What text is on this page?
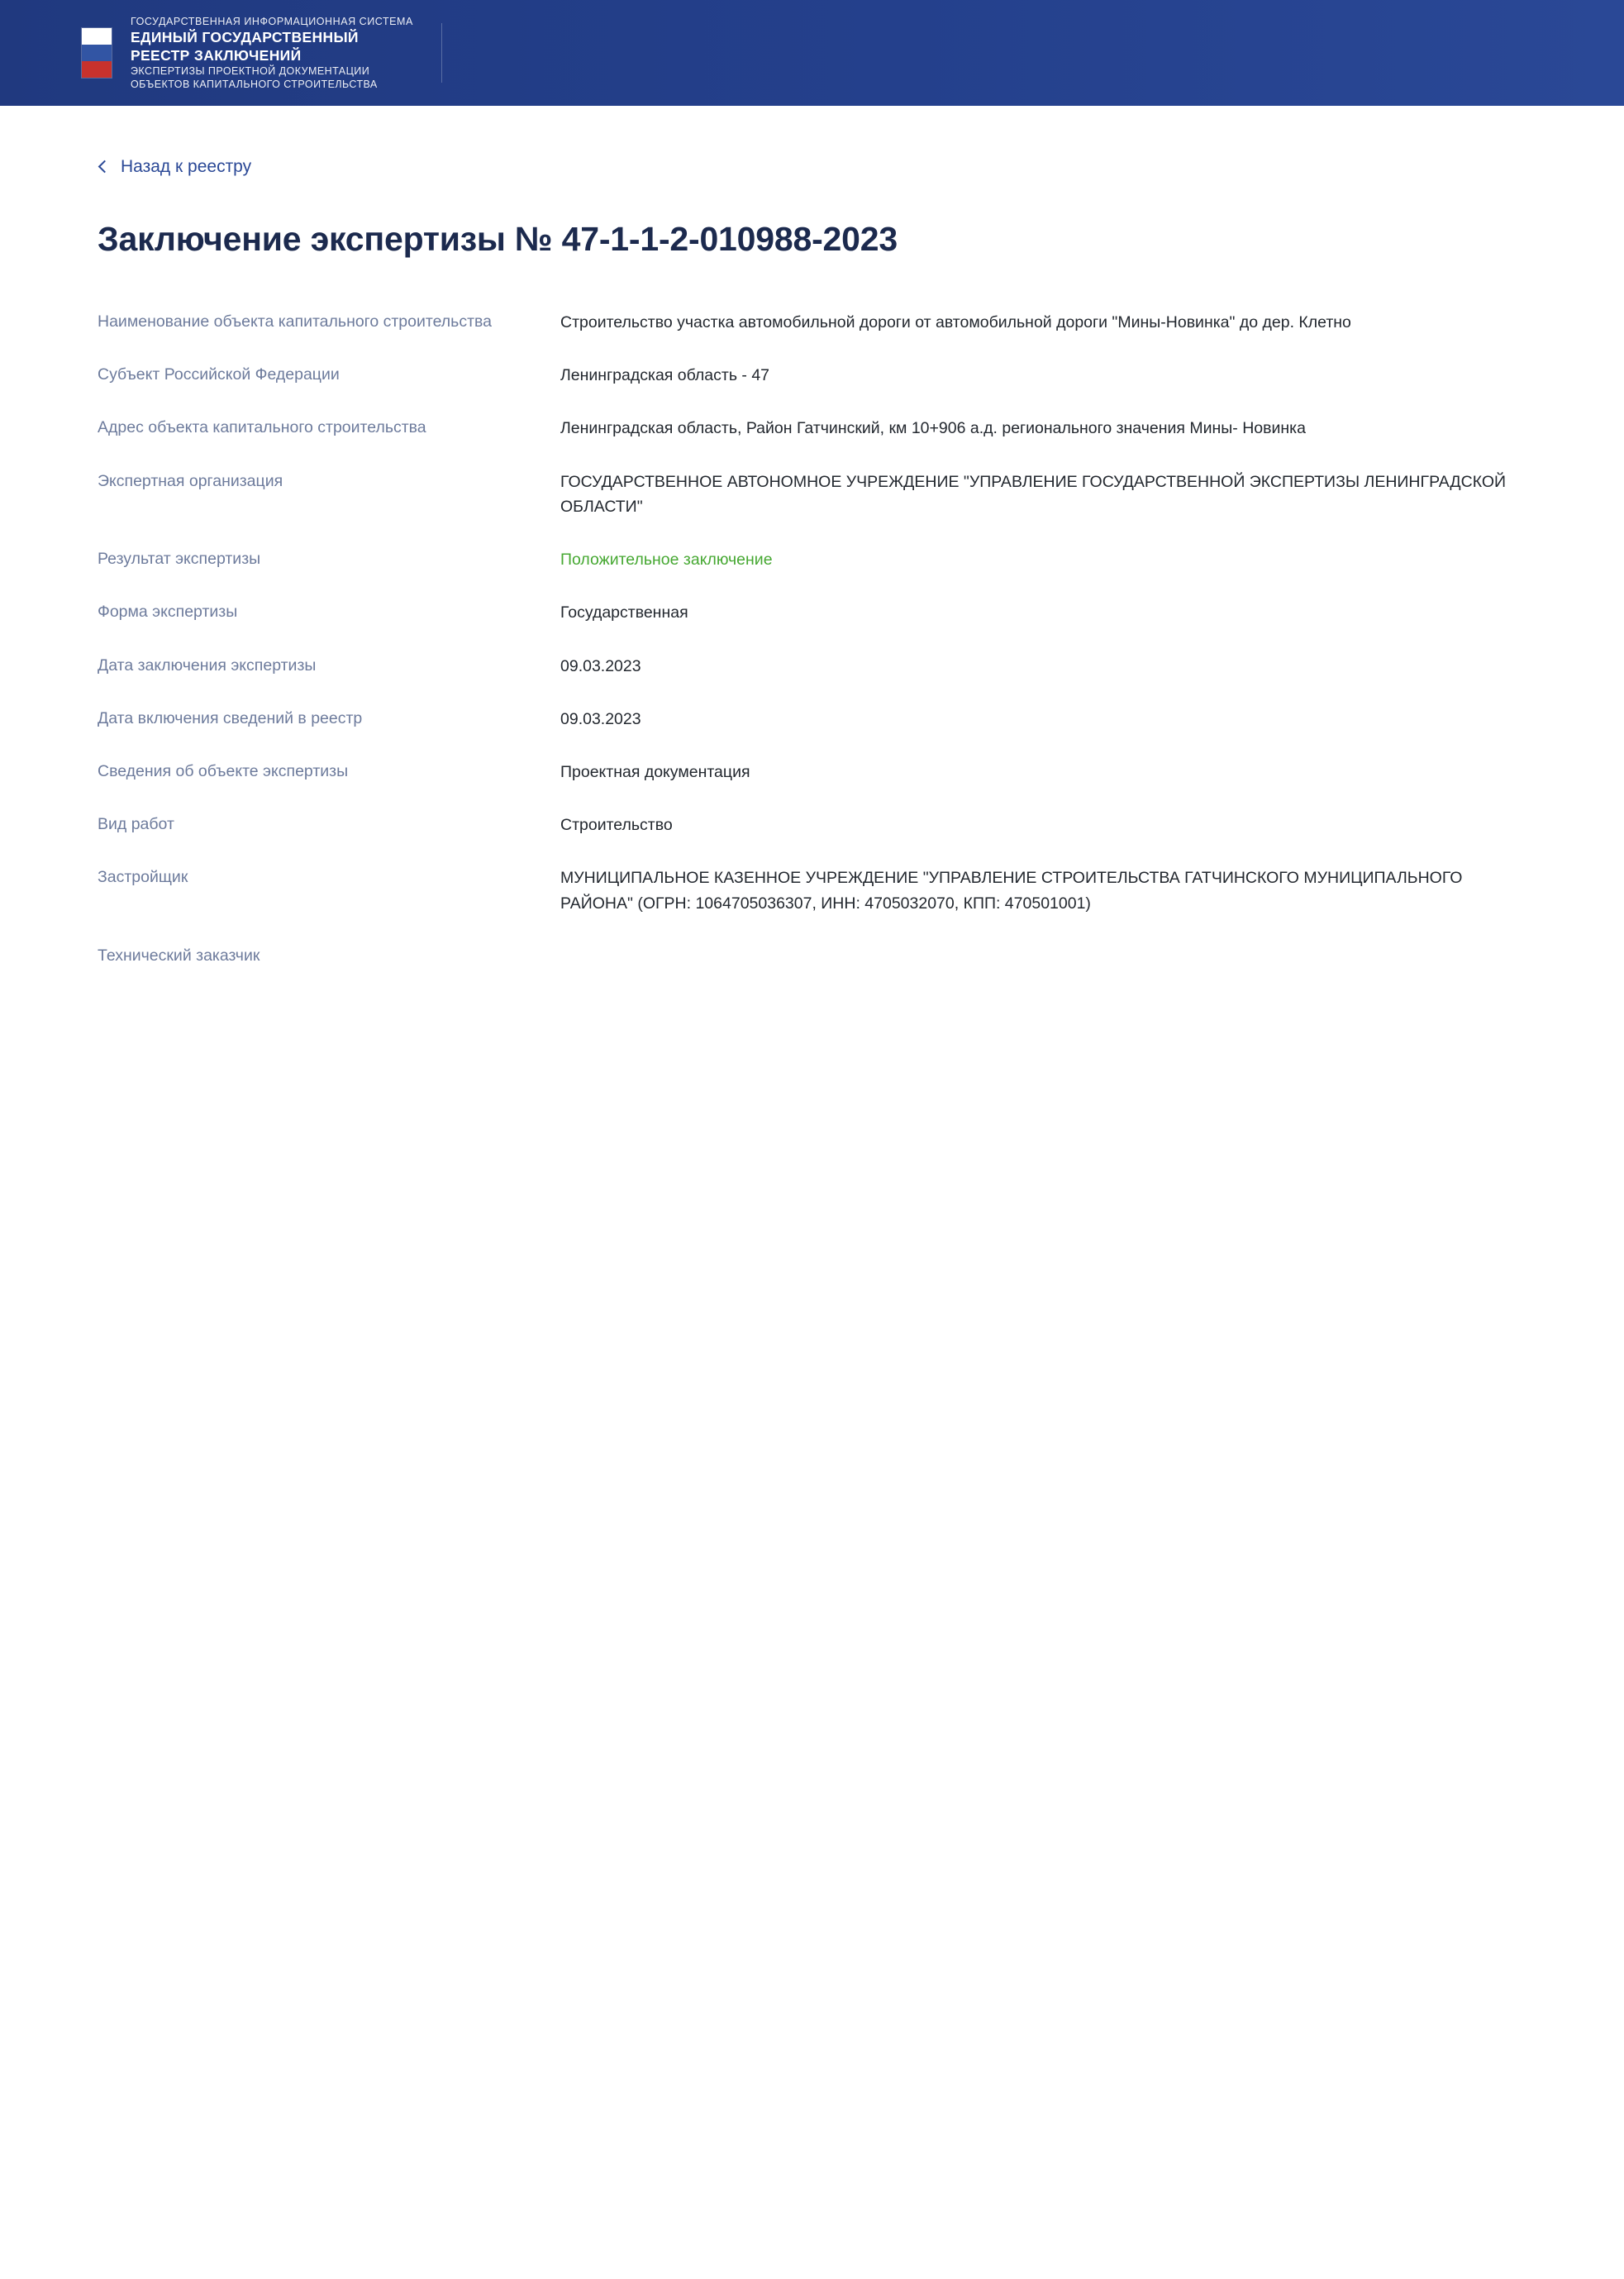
ГОСУДАРСТВЕННАЯ ИНФОРМАЦИОННАЯ СИСТЕМА
ЕДИНЫЙ ГОСУДАРСТВЕННЫЙ
РЕЕСТР ЗАКЛЮЧЕНИЙ
ЭКСПЕРТИЗЫ ПРОЕКТНОЙ ДОКУМЕНТАЦИИ
ОБЪЕКТОВ КАПИТАЛЬНОГО СТРОИТЕЛЬСТВА
Назад к реестру
Заключение экспертизы № 47-1-1-2-010988-2023
Наименование объекта капитального строительства	Строительство участка автомобильной дороги от автомобильной дороги "Мины-Новинка" до дер. Клетно
Субъект Российской Федерации	Ленинградская область - 47
Адрес объекта капитального строительства	Ленинградская область, Район Гатчинский, км 10+906 а.д. регионального значения Мины- Новинка
Экспертная организация	ГОСУДАРСТВЕННОЕ АВТОНОМНОЕ УЧРЕЖДЕНИЕ "УПРАВЛЕНИЕ ГОСУДАРСТВЕННОЙ ЭКСПЕРТИЗЫ ЛЕНИНГРАДСКОЙ ОБЛАСТИ"
Результат экспертизы	Положительное заключение
Форма экспертизы	Государственная
Дата заключения экспертизы	09.03.2023
Дата включения сведений в реестр	09.03.2023
Сведения об объекте экспертизы	Проектная документация
Вид работ	Строительство
Застройщик	МУНИЦИПАЛЬНОЕ КАЗЕННОЕ УЧРЕЖДЕНИЕ "УПРАВЛЕНИЕ СТРОИТЕЛЬСТВА ГАТЧИНСКОГО МУНИЦИПАЛЬНОГО РАЙОНА" (ОГРН: 1064705036307, ИНН: 4705032070, КПП: 470501001)
Технический заказчик
